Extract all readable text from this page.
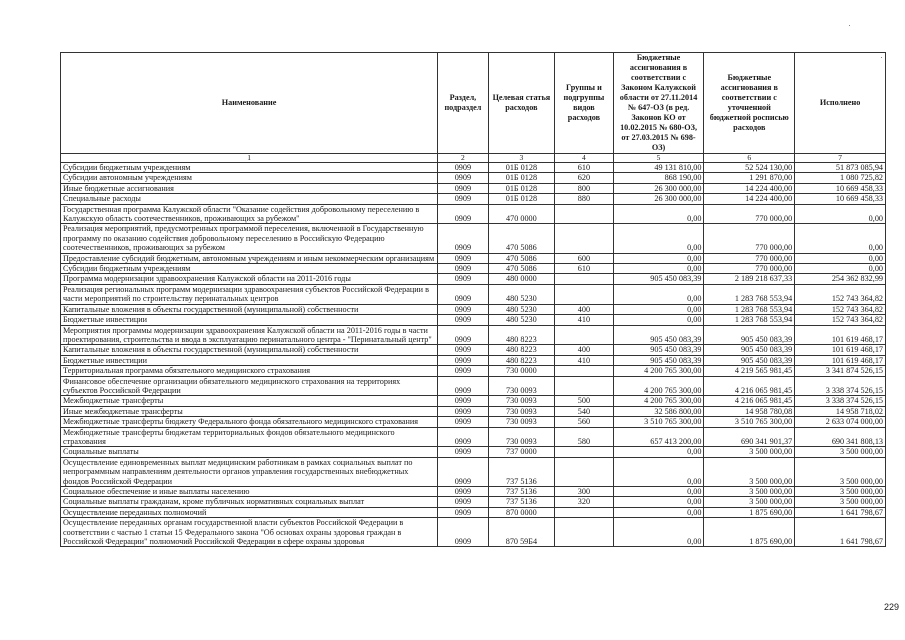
Наименование	Раздел, подраздел	Целевая статья расходов	Группы и подгруппы видов расходов	Бюджетные ассигнования в соответствии с Законом Калужской области от 27.11.2014 № 647-ОЗ (в ред. Законов КО от 10.02.2015 № 680-ОЗ, от 27.03.2015 № 698-ОЗ)	Бюджетные ассигнования в соответствии с уточненной бюджетной росписью расходов	Исполнено
1	2	3	4	5	6	7
Субсидии бюджетным учреждениям	0909	01Б 0128	610	49 131 810,00	52 524 130,00	51 873 085,94
Субсидии автономным учреждениям	0909	01Б 0128	620	868 190,00	1 291 870,00	1 080 725,82
Иные бюджетные ассигнования	0909	01Б 0128	800	26 300 000,00	14 224 400,00	10 669 458,33
Специальные расходы	0909	01Б 0128	880	26 300 000,00	14 224 400,00	10 669 458,33
Государственная программа Калужской области "Оказание содействия добровольному переселению в Калужскую область соотечественников, проживающих за рубежом"	0909	470 0000		0,00	770 000,00	0,00
Реализация мероприятий, предусмотренных программой переселения, включенной в Государственную программу по оказанию содействия добровольному переселению в Российскую Федерацию соотечественников, проживающих за рубежом	0909	470 5086		0,00	770 000,00	0,00
Предоставление субсидий бюджетным, автономным учреждениям и иным некоммерческим организациям	0909	470 5086	600	0,00	770 000,00	0,00
Субсидии бюджетным учреждениям	0909	470 5086	610	0,00	770 000,00	0,00
Программа модернизации здравоохранения Калужской области на 2011-2016 годы	0909	480 0000		905 450 083,39	2 189 218 637,33	254 362 832,99
Реализация региональных программ модернизации здравоохранения субъектов Российской Федерации в части мероприятий по строительству перинатальных центров	0909	480 5230		0,00	1 283 768 553,94	152 743 364,82
Капитальные вложения в объекты государственной (муниципальной) собственности	0909	480 5230	400	0,00	1 283 768 553,94	152 743 364,82
Бюджетные инвестиции	0909	480 5230	410	0,00	1 283 768 553,94	152 743 364,82
Мероприятия программы модернизации здравоохранения Калужской области на 2011-2016 годы в части проектирования, строительства и ввода в эксплуатацию перинатального центра - "Перинатальный центр"	0909	480 8223		905 450 083,39	905 450 083,39	101 619 468,17
Капитальные вложения в объекты государственной (муниципальной) собственности	0909	480 8223	400	905 450 083,39	905 450 083,39	101 619 468,17
Бюджетные инвестиции	0909	480 8223	410	905 450 083,39	905 450 083,39	101 619 468,17
Территориальная программа обязательного медицинского страхования	0909	730 0000		4 200 765 300,00	4 219 565 981,45	3 341 874 526,15
Финансовое обеспечение организации обязательного медицинского страхования на территориях субъектов Российской Федерации	0909	730 0093		4 200 765 300,00	4 216 065 981,45	3 338 374 526,15
Межбюджетные трансферты	0909	730 0093	500	4 200 765 300,00	4 216 065 981,45	3 338 374 526,15
Иные межбюджетные трансферты	0909	730 0093	540	32 586 800,00	14 958 780,08	14 958 718,02
Межбюджетные трансферты бюджету Федерального фонда обязательного медицинского страхования	0909	730 0093	560	3 510 765 300,00	3 510 765 300,00	2 633 074 000,00
Межбюджетные трансферты бюджетам территориальных фондов обязательного медицинского страхования	0909	730 0093	580	657 413 200,00	690 341 901,37	690 341 808,13
Социальные выплаты	0909	737 0000		0,00	3 500 000,00	3 500 000,00
Осуществление единовременных выплат медицинским работникам в рамках социальных выплат по непрограммным направлениям деятельности органов управления государственных внебюджетных фондов Российской Федерации	0909	737 5136		0,00	3 500 000,00	3 500 000,00
Социальное обеспечение и иные выплаты населению	0909	737 5136	300	0,00	3 500 000,00	3 500 000,00
Социальные выплаты гражданам, кроме публичных нормативных социальных выплат	0909	737 5136	320	0,00	3 500 000,00	3 500 000,00
Осуществление переданных полномочий	0909	870 0000		0,00	1 875 690,00	1 641 798,67
Осуществление переданных органам государственной власти субъектов Российской Федерации в соответствии с частью 1 статьи 15 Федерального закона "Об основах охраны здоровья граждан в Российской Федерации" полномочий Российской Федерации в сфере охраны здоровья	0909	870 59Б4		0,00	1 875 690,00	1 641 798,67
229
·
·
